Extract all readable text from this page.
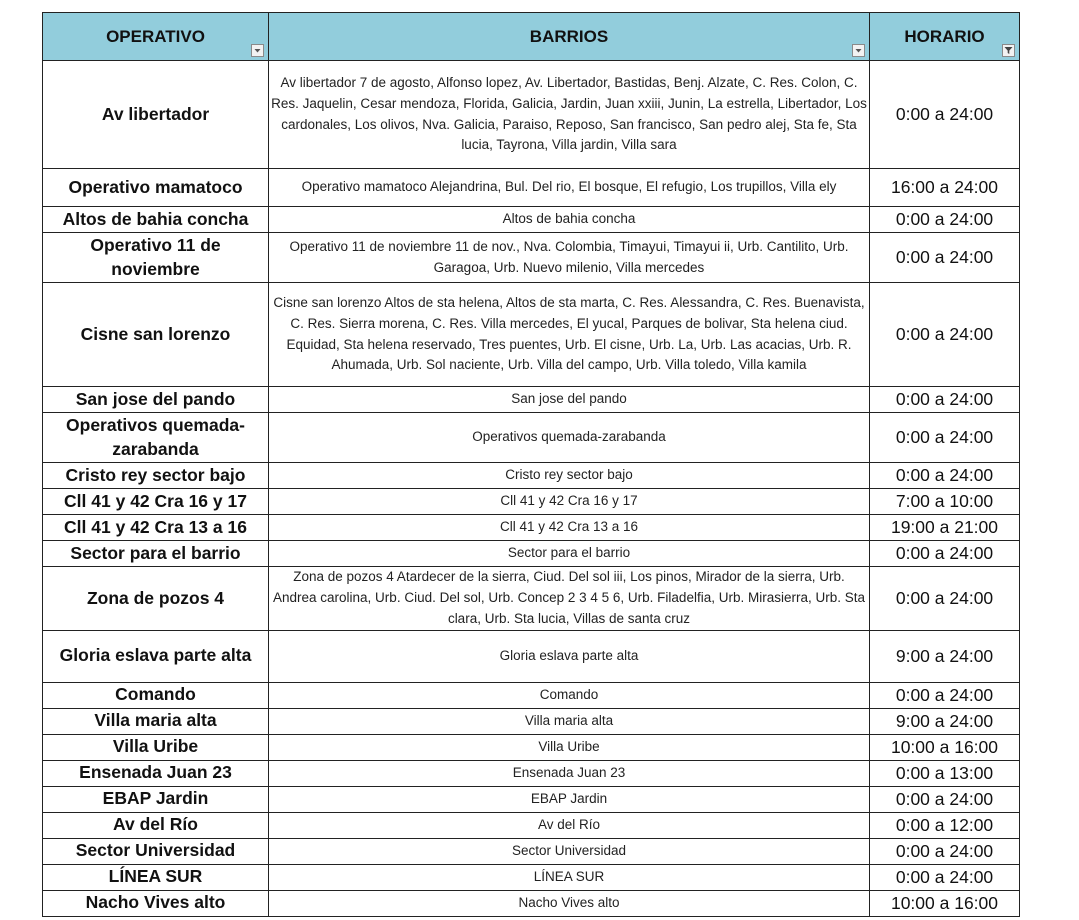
OPERATIVO	BARRIOS	HORARIO

Av libertador	Av libertador 7 de agosto, Alfonso lopez, Av. Libertador, Bastidas, Benj. Alzate, C. Res. Colon, C. Res. Jaquelin, Cesar mendoza, Florida, Galicia, Jardin, Juan xxiii, Junin, La estrella, Libertador, Los cardonales, Los olivos, Nva. Galicia, Paraiso, Reposo, San francisco, San pedro alej, Sta fe, Sta lucia, Tayrona, Villa jardin, Villa sara	0:00 a 24:00
Operativo mamatoco	Operativo mamatoco Alejandrina, Bul. Del rio, El bosque, El refugio, Los trupillos, Villa ely	16:00 a 24:00
Altos de bahia concha	Altos de bahia concha	0:00 a 24:00
Operativo 11 de noviembre	Operativo 11 de noviembre 11 de nov., Nva. Colombia, Timayui, Timayui ii, Urb. Cantilito, Urb. Garagoa, Urb. Nuevo milenio, Villa mercedes	0:00 a 24:00
Cisne san lorenzo	Cisne san lorenzo Altos de sta helena, Altos de sta marta, C. Res. Alessandra, C. Res. Buenavista, C. Res. Sierra morena, C. Res. Villa mercedes, El yucal, Parques de bolivar, Sta helena ciud. Equidad, Sta helena reservado, Tres puentes, Urb. El cisne, Urb. La, Urb. Las acacias, Urb. R. Ahumada, Urb. Sol naciente, Urb. Villa del campo, Urb. Villa toledo, Villa kamila	0:00 a 24:00
San jose del pando	San jose del pando	0:00 a 24:00
Operativos quemada-zarabanda	Operativos quemada-zarabanda	0:00 a 24:00
Cristo rey sector bajo	Cristo rey sector bajo	0:00 a 24:00
Cll 41 y 42 Cra 16 y 17	Cll 41 y 42 Cra 16 y 17	7:00 a 10:00
Cll 41 y 42 Cra 13 a 16	Cll 41 y 42 Cra 13 a 16	19:00 a 21:00
Sector para el barrio	Sector para el barrio	0:00 a 24:00
Zona de pozos 4	Zona de pozos 4 Atardecer de la sierra, Ciud. Del sol iii, Los pinos, Mirador de la sierra, Urb. Andrea carolina, Urb. Ciud. Del sol, Urb. Concep 2 3 4 5 6, Urb. Filadelfia, Urb. Mirasierra, Urb. Sta clara, Urb. Sta lucia, Villas de santa cruz	0:00 a 24:00
Gloria eslava parte alta	Gloria eslava parte alta	9:00 a 24:00
Comando	Comando	0:00 a 24:00
Villa maria alta	Villa maria alta	9:00 a 24:00
Villa Uribe	Villa Uribe	10:00 a 16:00
Ensenada Juan 23	Ensenada Juan 23	0:00 a 13:00
EBAP Jardin	EBAP Jardin	0:00 a 24:00
Av del Río	Av del Río	0:00 a 12:00
Sector Universidad	Sector Universidad	0:00 a 24:00
LÍNEA SUR	LÍNEA SUR	0:00 a 24:00
Nacho Vives alto	Nacho Vives alto	10:00 a 16:00
